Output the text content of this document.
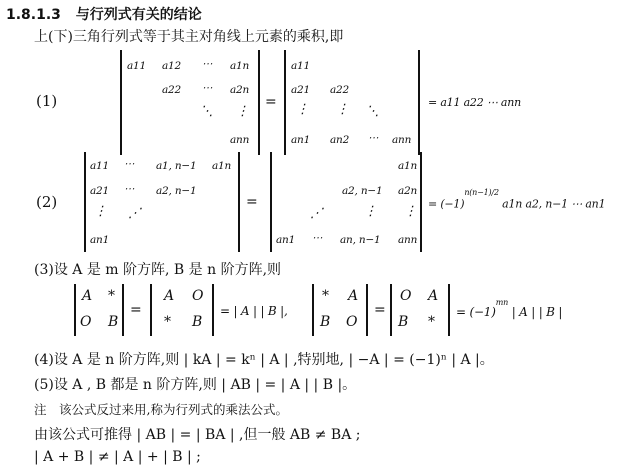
1.8.1.3 与行列式有关的结论
上(下)三角行列式等于其主对角线上元素的乘积,即
(1)
a11 a12 ⋯ a1n
a22 ⋯ a2n
⋱ ⋮
ann
=
a11
a21 a22
⋮ ⋮ ⋱
an1 an2 ⋯ ann
= a11 a22 ⋯ ann
(2)
a11 ⋯ a1, n−1 a1n
a21 ⋯ a2, n−1
⋮ ⋰
an1
=
a1n
a2, n−1 a2n
⋰	⋮ ⋮
an1 ⋯ an, n−1 ann
= $(-1)^{n(n-1)/2}$ a1n a2, n−1 ⋯ an1
(3)设 A 是 m 阶方阵, B 是 n 阶方阵,则
A *
O B
=
A O
* B
= | A | | B |,
* A
B O
=
O A
B *
= $(-1)^{mn}$ | A | | B |
(4)设 A 是 n 阶方阵,则 | kA | = kⁿ | A | ,特别地, | −A | = (−1)ⁿ | A |。
(5)设 A , B 都是 n 阶方阵,则 | AB | = | A | | B |。
注　该公式反过来用,称为行列式的乘法公式。
由该公式可推得 | AB | = | BA | ,但一般 AB ≠ BA ;
| A + B | ≠ | A | + | B | ;
